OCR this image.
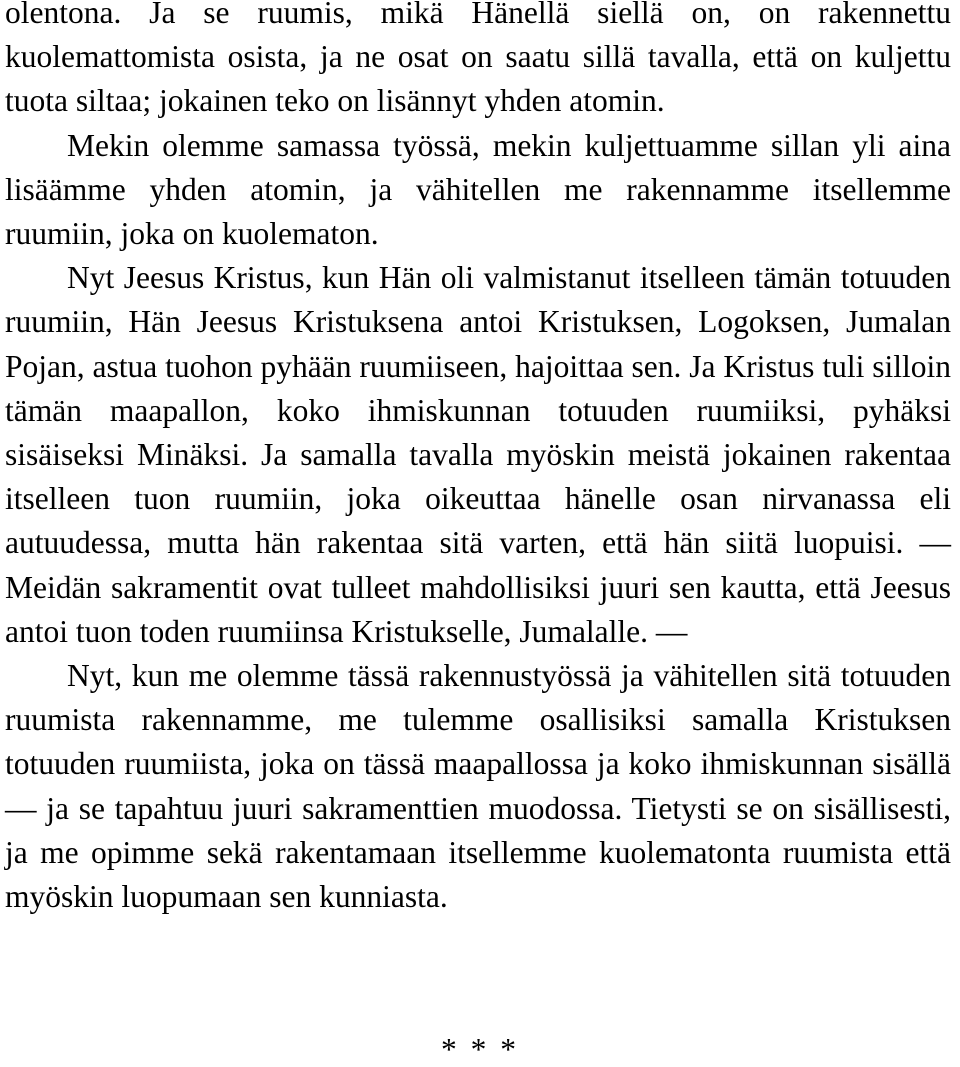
olentona. Ja se ruumis, mikä Hänellä siellä on, on rakennettu kuolemattomista osista, ja ne osat on saatu sillä tavalla, että on kuljettu tuota siltaa; jokainen teko on lisännyt yhden atomin.

Mekin olemme samassa työssä, mekin kuljettuamme sillan yli aina lisäämme yhden atomin, ja vähitellen me rakennamme itsellemme ruumiin, joka on kuolematon.

Nyt Jeesus Kristus, kun Hän oli valmistanut itselleen tämän totuuden ruumiin, Hän Jeesus Kristuksena antoi Kristuksen, Logoksen, Jumalan Pojan, astua tuohon pyhään ruumiiseen, hajoittaa sen. Ja Kristus tuli silloin tämän maapallon, koko ihmiskunnan totuuden ruumiiksi, pyhäksi sisäiseksi Minäksi. Ja samalla tavalla myöskin meistä jokainen rakentaa itselleen tuon ruumiin, joka oikeuttaa hänelle osan nirvanassa eli autuudessa, mutta hän rakentaa sitä varten, että hän siitä luopuisi. — Meidän sakramentit ovat tulleet mahdollisiksi juuri sen kautta, että Jeesus antoi tuon toden ruumiinsa Kristukselle, Jumalalle. —

Nyt, kun me olemme tässä rakennustyössä ja vähitellen sitä totuuden ruumista rakennamme, me tulemme osallisiksi samalla Kristuksen totuuden ruumiista, joka on tässä maapallossa ja koko ihmiskunnan sisällä — ja se tapahtuu juuri sakramenttien muodossa. Tietysti se on sisällisesti, ja me opimme sekä rakentamaan itsellemme kuolematonta ruumista että myöskin luopumaan sen kunniasta.

* * *
